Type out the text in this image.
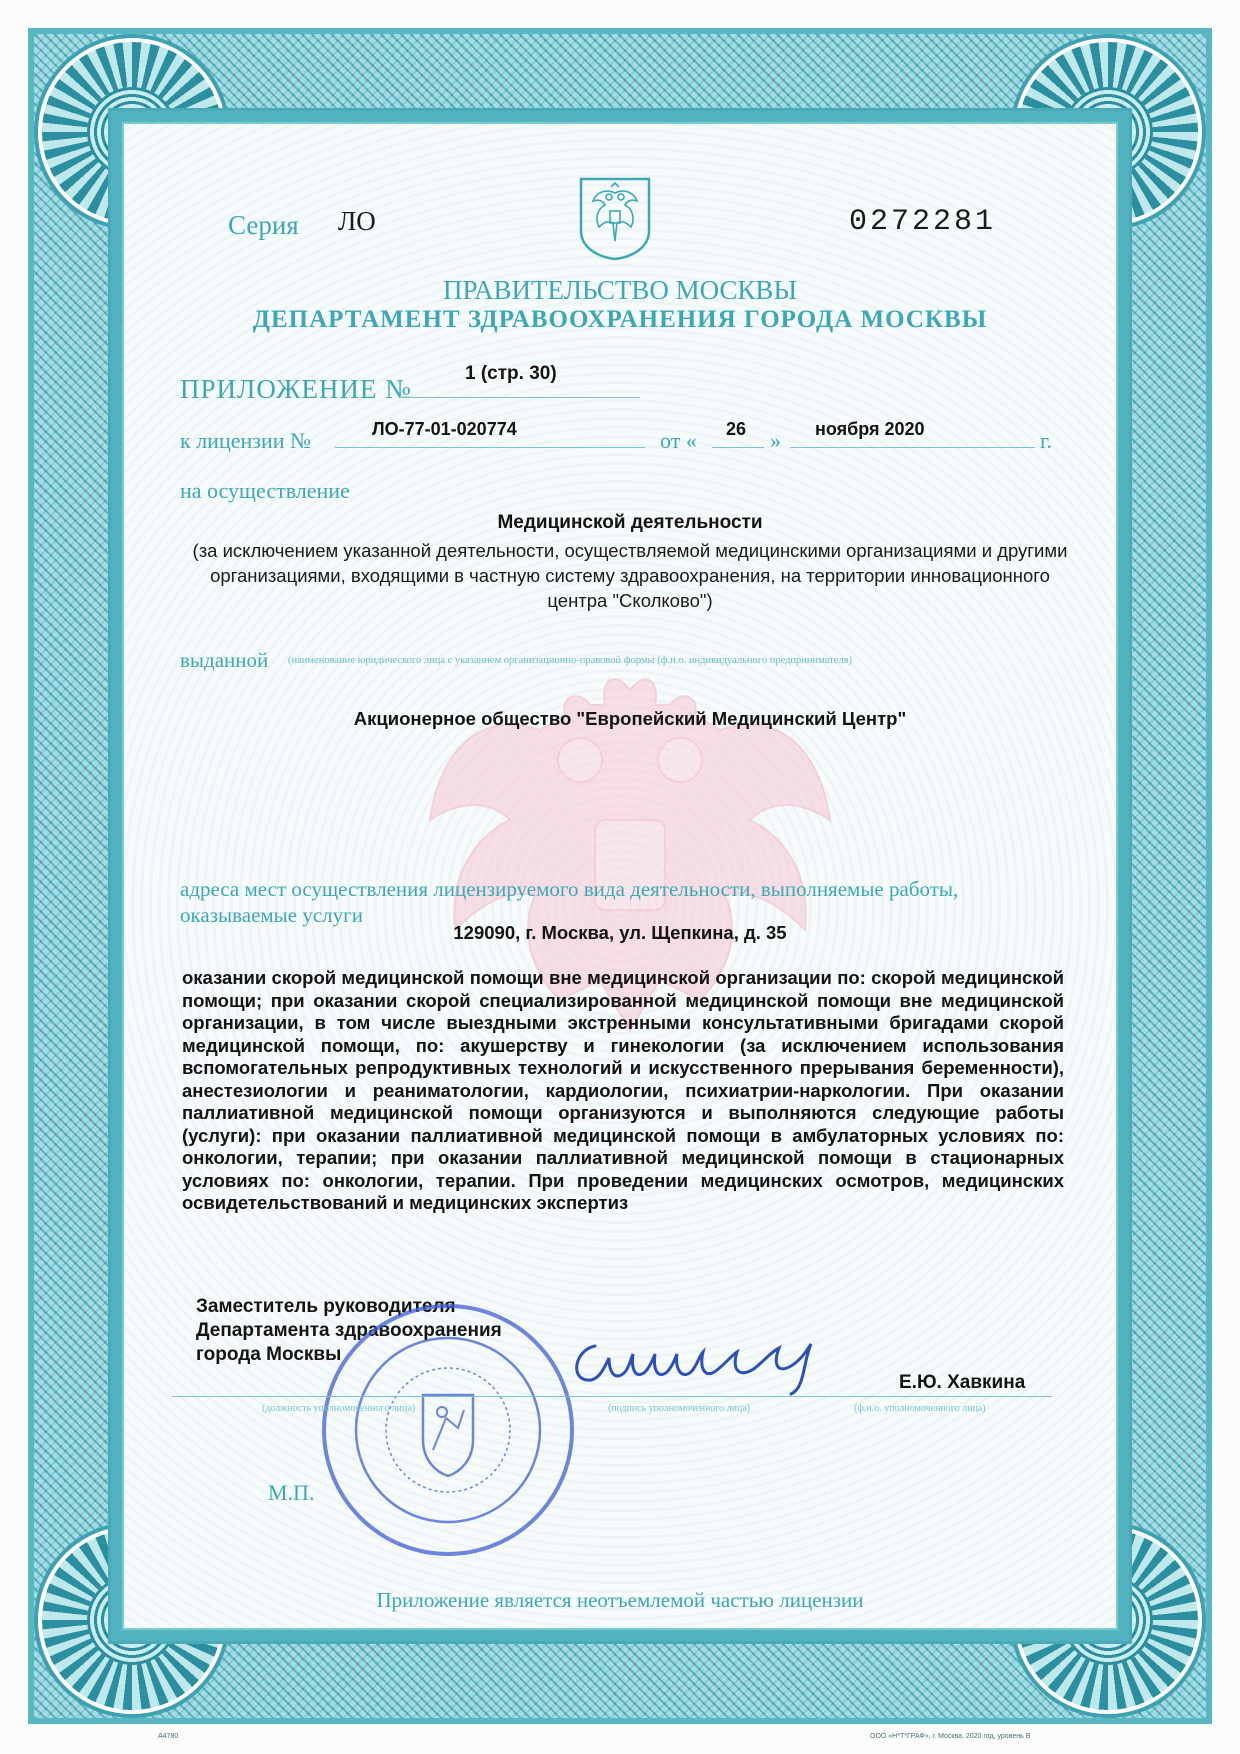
Серия ЛО	0272281
ПРАВИТЕЛЬСТВО МОСКВЫ
ДЕПАРТАМЕНТ ЗДРАВООХРАНЕНИЯ ГОРОДА МОСКВЫ
ПРИЛОЖЕНИЕ №
1 (стр. 30)
к лицензии №	ЛО-77-01-020774	от « 26 » ноября 2020	г.
на осуществление
Медицинской деятельности
(за исключением указанной деятельности, осуществляемой медицинскими организациями и другими организациями, входящими в частную систему здравоохранения, на территории инновационного центра "Сколково")
выданной (наименование юридического лица с указанием организационно-правовой формы (ф.и.о. индивидуального предпринимателя)
Акционерное общество "Европейский Медицинский Центр"
адреса мест осуществления лицензируемого вида деятельности, выполняемые работы, оказываемые услуги
129090, г. Москва, ул. Щепкина, д. 35
оказании скорой медицинской помощи вне медицинской организации по: скорой медицинской помощи; при оказании скорой специализированной медицинской помощи вне медицинской организации, в том числе выездными экстренными консультативными бригадами скорой медицинской помощи, по: акушерству и гинекологии (за исключением использования вспомогательных репродуктивных технологий и искусственного прерывания беременности), анестезиологии и реаниматологии, кардиологии, психиатрии-наркологии. При оказании паллиативной медицинской помощи организуются и выполняются следующие работы (услуги): при оказании паллиативной медицинской помощи в амбулаторных условиях по: онкологии, терапии; при оказании паллиативной медицинской помощи в стационарных условиях по: онкологии, терапии. При проведении медицинских осмотров, медицинских освидетельствований и медицинских экспертиз
Заместитель руководителя Департамента здравоохранения города Москвы
Е.Ю. Хавкина
(должность уполномоченного лица)	(подпись уполномоченного лица)	(ф.и.о. уполномоченного лица)
М.П.
Приложение является неотъемлемой частью лицензии
А4780	ООО «Н*Т*ГРАФ», г. Москва, 2020 год, уровень В
